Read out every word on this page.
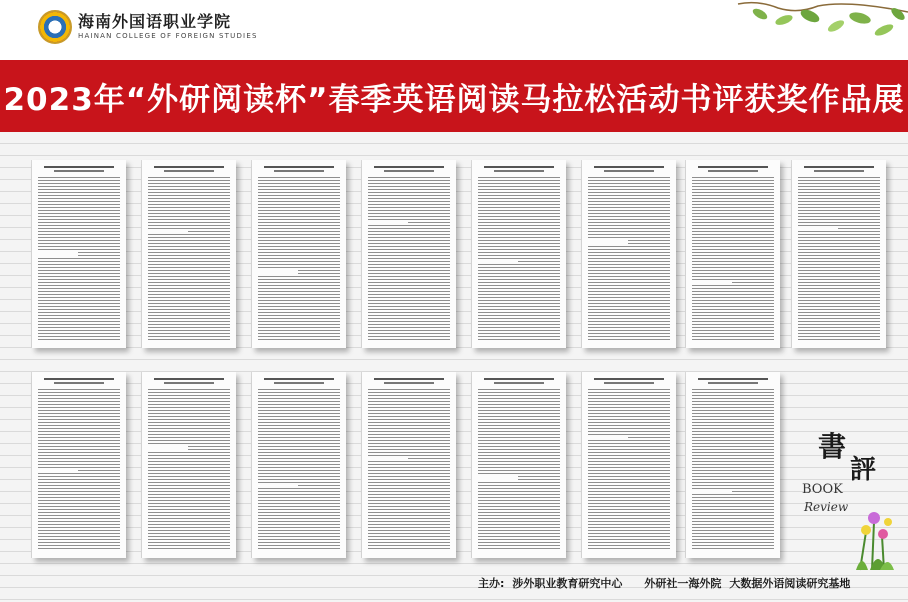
海南外国语职业学院
HAINAN COLLEGE OF FOREIGN STUDIES
2023年“外研阅读杯”春季英语阅读马拉松活动书评获奖作品展
書
評
BOOK
Review
主办: 涉外职业教育研究中心 外研社一海外院 大数据外语阅读研究基地
